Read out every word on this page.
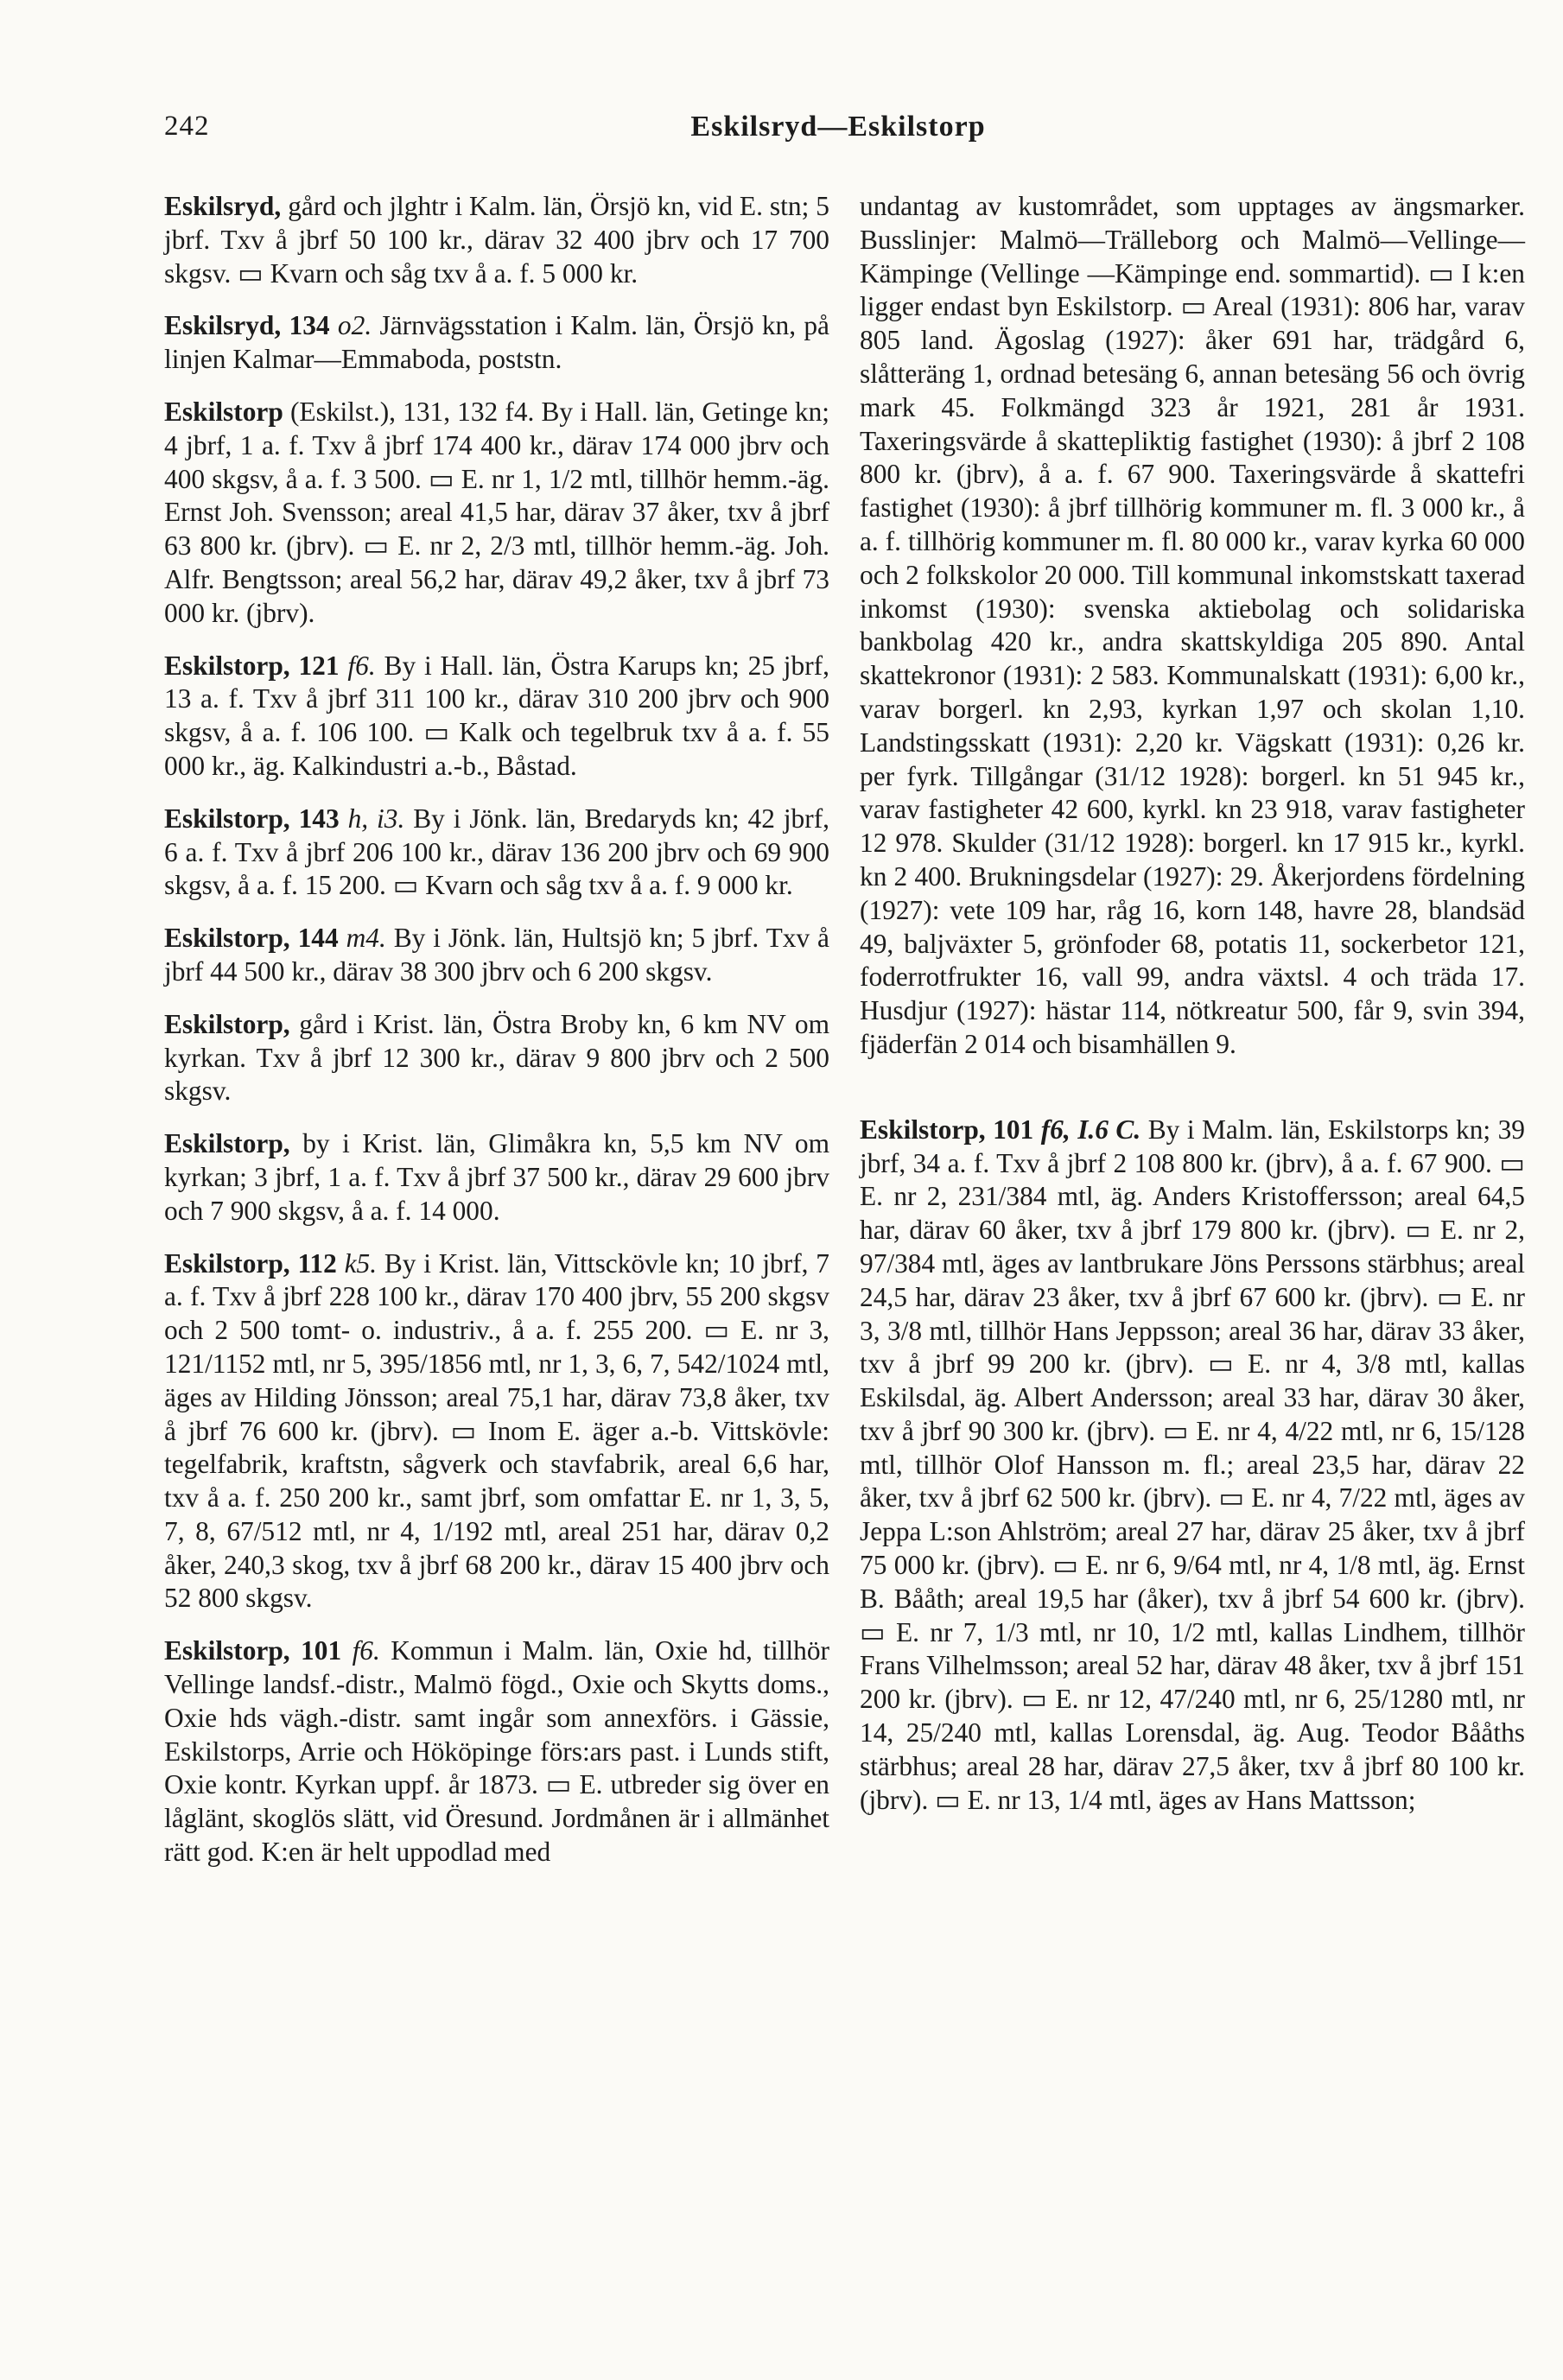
242	Eskilsryd—Eskilstorp

Eskilsryd, gård och jlghtr i Kalm. län, Örsjö kn, vid E. stn; 5 jbrf. Txv å jbrf 50 100 kr., därav 32 400 jbrv och 17 700 skgsv. ▭ Kvarn och såg txv å a. f. 5 000 kr.

Eskilsryd, 134 o2. Järnvägsstation i Kalm. län, Örsjö kn, på linjen Kalmar—Emmaboda, poststn.

Eskilstorp (Eskilst.), 131, 132 f4. By i Hall. län, Getinge kn; 4 jbrf, 1 a. f. Txv å jbrf 174 400 kr., därav 174 000 jbrv och 400 skgsv, å a. f. 3 500. ▭ E. nr 1, 1/2 mtl, tillhör hemm.-äg. Ernst Joh. Svensson; areal 41,5 har, därav 37 åker, txv å jbrf 63 800 kr. (jbrv). ▭ E. nr 2, 2/3 mtl, tillhör hemm.-äg. Joh. Alfr. Bengtsson; areal 56,2 har, därav 49,2 åker, txv å jbrf 73 000 kr. (jbrv).

Eskilstorp, 121 f6. By i Hall. län, Östra Karups kn; 25 jbrf, 13 a. f. Txv å jbrf 311 100 kr., därav 310 200 jbrv och 900 skgsv, å a. f. 106 100. ▭ Kalk och tegelbruk txv å a. f. 55 000 kr., äg. Kalkindustri a.-b., Båstad.

Eskilstorp, 143 h, i3. By i Jönk. län, Bredaryds kn; 42 jbrf, 6 a. f. Txv å jbrf 206 100 kr., därav 136 200 jbrv och 69 900 skgsv, å a. f. 15 200. ▭ Kvarn och såg txv å a. f. 9 000 kr.

Eskilstorp, 144 m4. By i Jönk. län, Hultsjö kn; 5 jbrf. Txv å jbrf 44 500 kr., därav 38 300 jbrv och 6 200 skgsv.

Eskilstorp, gård i Krist. län, Östra Broby kn, 6 km NV om kyrkan. Txv å jbrf 12 300 kr., därav 9 800 jbrv och 2 500 skgsv.

Eskilstorp, by i Krist. län, Glimåkra kn, 5,5 km NV om kyrkan; 3 jbrf, 1 a. f. Txv å jbrf 37 500 kr., därav 29 600 jbrv och 7 900 skgsv, å a. f. 14 000.

Eskilstorp, 112 k5. By i Krist. län, Vittsckövle kn; 10 jbrf, 7 a. f. Txv å jbrf 228 100 kr., därav 170 400 jbrv, 55 200 skgsv och 2 500 tomt- o. industriv., å a. f. 255 200. ▭ E. nr 3, 121/1152 mtl, nr 5, 395/1856 mtl, nr 1, 3, 6, 7, 542/1024 mtl, äges av Hilding Jönsson; areal 75,1 har, därav 73,8 åker, txv å jbrf 76 600 kr. (jbrv). ▭ Inom E. äger a.-b. Vittskövle: tegelfabrik, kraftstn, sågverk och stavfabrik, areal 6,6 har, txv å a. f. 250 200 kr., samt jbrf, som omfattar E. nr 1, 3, 5, 7, 8, 67/512 mtl, nr 4, 1/192 mtl, areal 251 har, därav 0,2 åker, 240,3 skog, txv å jbrf 68 200 kr., därav 15 400 jbrv och 52 800 skgsv.

Eskilstorp, 101 f6. Kommun i Malm. län, Oxie hd, tillhör Vellinge landsf.-distr., Malmö fögd., Oxie och Skytts doms., Oxie hds vägh.-distr. samt ingår som annexförs. i Gässie, Eskilstorps, Arrie och Hököpinge förs:ars past. i Lunds stift, Oxie kontr. Kyrkan uppf. år 1873. ▭ E. utbreder sig över en låglänt, skoglös slätt, vid Öresund. Jordmånen är i allmänhet rätt god. K:en är helt uppodlad med

undantag av kustområdet, som upptages av ängsmarker. Busslinjer: Malmö—Trälleborg och Malmö—Vellinge—Kämpinge (Vellinge —Kämpinge end. sommartid). ▭ I k:en ligger endast byn Eskilstorp. ▭ Areal (1931): 806 har, varav 805 land. Ägoslag (1927): åker 691 har, trädgård 6, slåtteräng 1, ordnad betesäng 6, annan betesäng 56 och övrig mark 45. Folkmängd 323 år 1921, 281 år 1931. Taxeringsvärde å skattepliktig fastighet (1930): å jbrf 2 108 800 kr. (jbrv), å a. f. 67 900. Taxeringsvärde å skattefri fastighet (1930): å jbrf tillhörig kommuner m. fl. 3 000 kr., å a. f. tillhörig kommuner m. fl. 80 000 kr., varav kyrka 60 000 och 2 folkskolor 20 000. Till kommunal inkomstskatt taxerad inkomst (1930): svenska aktiebolag och solidariska bankbolag 420 kr., andra skattskyldiga 205 890. Antal skattekronor (1931): 2 583. Kommunalskatt (1931): 6,00 kr., varav borgerl. kn 2,93, kyrkan 1,97 och skolan 1,10. Landstingsskatt (1931): 2,20 kr. Vägskatt (1931): 0,26 kr. per fyrk. Tillgångar (31/12 1928): borgerl. kn 51 945 kr., varav fastigheter 42 600, kyrkl. kn 23 918, varav fastigheter 12 978. Skulder (31/12 1928): borgerl. kn 17 915 kr., kyrkl. kn 2 400. Brukningsdelar (1927): 29. Åkerjordens fördelning (1927): vete 109 har, råg 16, korn 148, havre 28, blandsäd 49, baljväxter 5, grönfoder 68, potatis 11, sockerbetor 121, foderrotfrukter 16, vall 99, andra växtsl. 4 och träda 17. Husdjur (1927): hästar 114, nötkreatur 500, får 9, svin 394, fjäderfän 2 014 och bisamhällen 9.

Eskilstorp, 101 f6, I.6 C. By i Malm. län, Eskilstorps kn; 39 jbrf, 34 a. f. Txv å jbrf 2 108 800 kr. (jbrv), å a. f. 67 900. ▭ E. nr 2, 231/384 mtl, äg. Anders Kristoffersson; areal 64,5 har, därav 60 åker, txv å jbrf 179 800 kr. (jbrv). ▭ E. nr 2, 97/384 mtl, äges av lantbrukare Jöns Perssons stärbhus; areal 24,5 har, därav 23 åker, txv å jbrf 67 600 kr. (jbrv). ▭ E. nr 3, 3/8 mtl, tillhör Hans Jeppsson; areal 36 har, därav 33 åker, txv å jbrf 99 200 kr. (jbrv). ▭ E. nr 4, 3/8 mtl, kallas Eskilsdal, äg. Albert Andersson; areal 33 har, därav 30 åker, txv å jbrf 90 300 kr. (jbrv). ▭ E. nr 4, 4/22 mtl, nr 6, 15/128 mtl, tillhör Olof Hansson m. fl.; areal 23,5 har, därav 22 åker, txv å jbrf 62 500 kr. (jbrv). ▭ E. nr 4, 7/22 mtl, äges av Jeppa L:son Ahlström; areal 27 har, därav 25 åker, txv å jbrf 75 000 kr. (jbrv). ▭ E. nr 6, 9/64 mtl, nr 4, 1/8 mtl, äg. Ernst B. Bååth; areal 19,5 har (åker), txv å jbrf 54 600 kr. (jbrv). ▭ E. nr 7, 1/3 mtl, nr 10, 1/2 mtl, kallas Lindhem, tillhör Frans Vilhelmsson; areal 52 har, därav 48 åker, txv å jbrf 151 200 kr. (jbrv). ▭ E. nr 12, 47/240 mtl, nr 6, 25/1280 mtl, nr 14, 25/240 mtl, kallas Lorensdal, äg. Aug. Teodor Bååths stärbhus; areal 28 har, därav 27,5 åker, txv å jbrf 80 100 kr. (jbrv). ▭ E. nr 13, 1/4 mtl, äges av Hans Mattsson;
